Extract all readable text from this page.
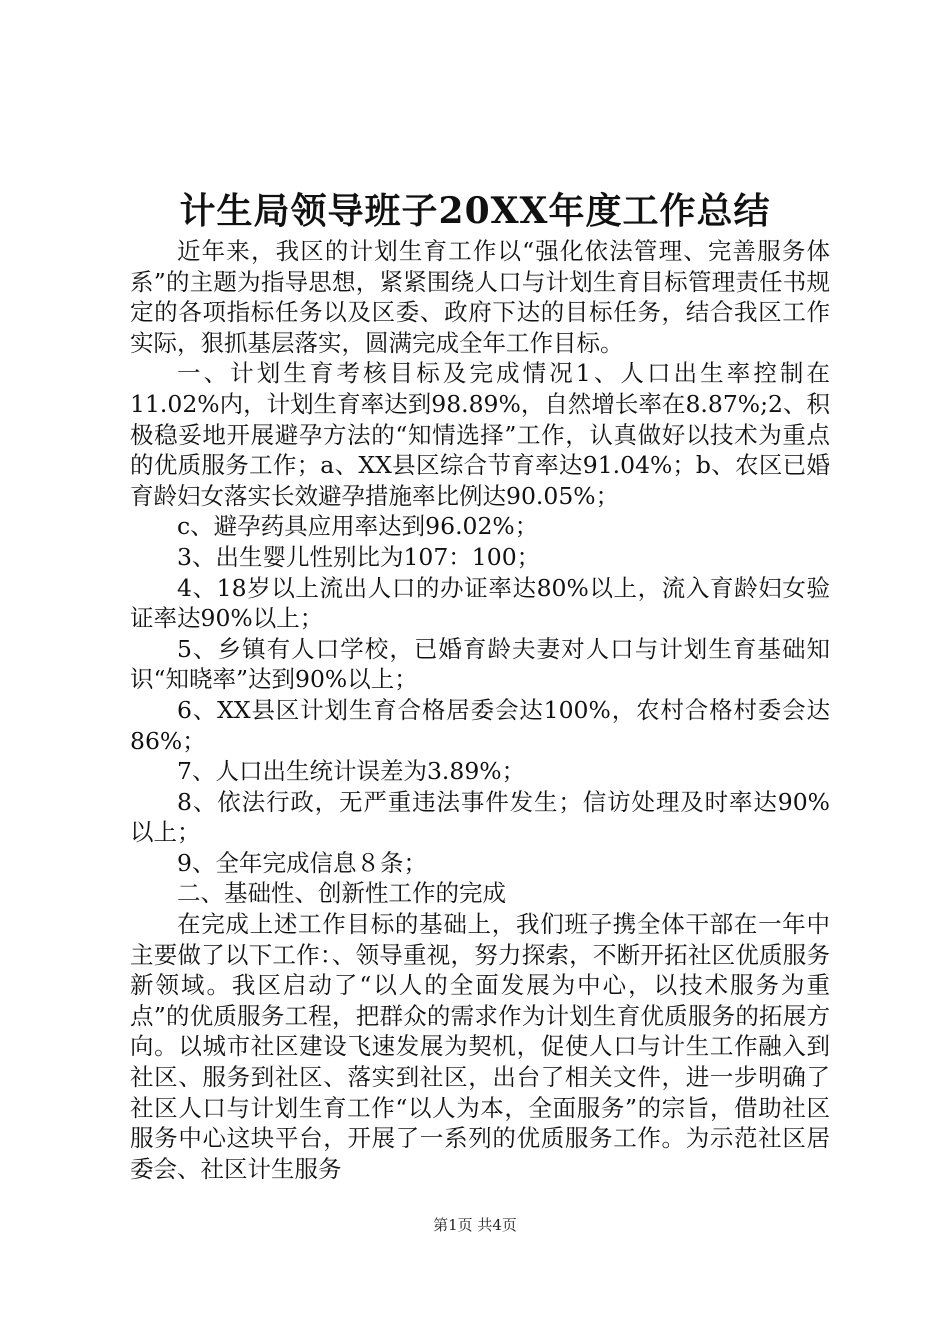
计生局领导班子20XX年度工作总结

近年来，我区的计划生育工作以“强化依法管理、完善服务体系”的主题为指导思想，紧紧围绕人口与计划生育目标管理责任书规定的各项指标任务以及区委、政府下达的目标任务，结合我区工作实际，狠抓基层落实，圆满完成全年工作目标。

一、计划生育考核目标及完成情况1、人口出生率控制在11.02%内，计划生育率达到98.89%，自然增长率在8.87%;2、积极稳妥地开展避孕方法的“知情选择”工作，认真做好以技术为重点的优质服务工作；a、XX县区综合节育率达91.04%；b、农区已婚育龄妇女落实长效避孕措施率比例达90.05%；

c、避孕药具应用率达到96.02%；

3、出生婴儿性别比为107：100；

4、18岁以上流出人口的办证率达80%以上，流入育龄妇女验证率达90%以上；

5、乡镇有人口学校，已婚育龄夫妻对人口与计划生育基础知识“知晓率”达到90%以上；

6、XX县区计划生育合格居委会达100%，农村合格村委会达86%；

7、人口出生统计误差为3.89%；

8、依法行政，无严重违法事件发生；信访处理及时率达90%以上；

9、全年完成信息８条；

二、基础性、创新性工作的完成

在完成上述工作目标的基础上，我们班子携全体干部在一年中主要做了以下工作：、领导重视，努力探索，不断开拓社区优质服务新领域。我区启动了“以人的全面发展为中心，以技术服务为重点”的优质服务工程，把群众的需求作为计划生育优质服务的拓展方向。以城市社区建设飞速发展为契机，促使人口与计生工作融入到社区、服务到社区、落实到社区，出台了相关文件，进一步明确了社区人口与计划生育工作“以人为本，全面服务”的宗旨，借助社区服务中心这块平台，开展了一系列的优质服务工作。为示范社区居委会、社区计生服务

第1页 共4页
